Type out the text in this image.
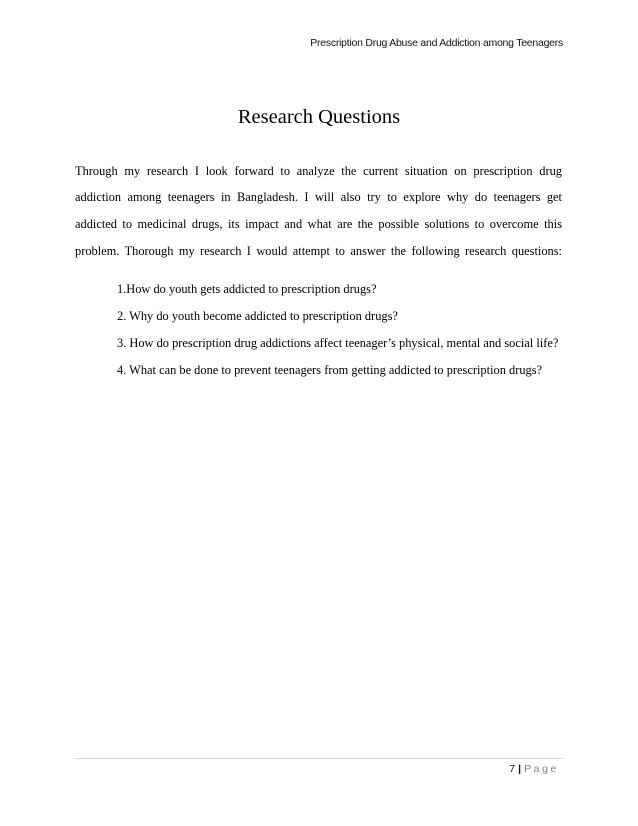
Prescription Drug Abuse and Addiction among Teenagers
Research Questions
Through my research I look forward to analyze the current situation on prescription drug
addiction among teenagers in Bangladesh. I will also try to explore why do teenagers get
addicted to medicinal drugs, its impact and what are the possible solutions to overcome this
problem. Thorough my research I would attempt to answer the following research questions:
1.How do youth gets addicted to prescription drugs?
2. Why do youth become addicted to prescription drugs?
3. How do prescription drug addictions affect teenager’s physical, mental and social life?
4. What can be done to prevent teenagers from getting addicted to prescription drugs?
7 | Page
